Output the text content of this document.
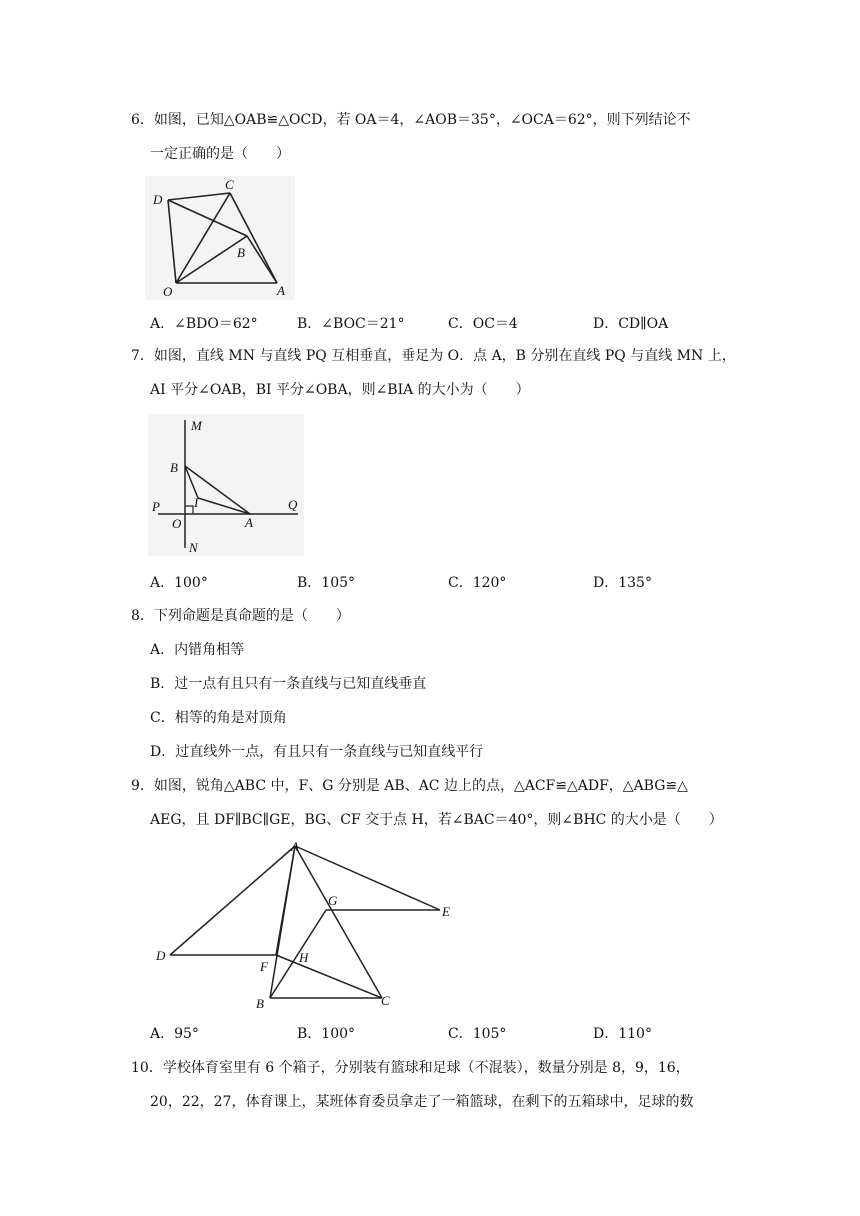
6．如图，已知△OAB≌△OCD，若 OA＝4，∠AOB＝35°，∠OCA＝62°，则下列结论不
一定正确的是（　　）
D
C
B
O	A
A．∠BDO＝62°	B．∠BOC＝21°	C．OC＝4	D．CD∥OA
7．如图，直线 MN 与直线 PQ 互相垂直，垂足为 O．点 A，B 分别在直线 PQ 与直线 MN 上，
AI 平分∠OAB，BI 平分∠OBA，则∠BIA 的大小为（　　）
M
B
P	I	Q
O	A
N
A．100°	B．105°	C．120°	D．135°
8．下列命题是真命题的是（　　）
A．内错角相等
B．过一点有且只有一条直线与已知直线垂直
C．相等的角是对顶角
D．过直线外一点，有且只有一条直线与已知直线平行
9．如图，锐角△ABC 中，F、G 分别是 AB、AC 边上的点，△ACF≌△ADF，△ABG≌△
AEG，且 DF∥BC∥GE，BG、CF 交于点 H，若∠BAC＝40°，则∠BHC 的大小是（　　）
A
G
E
D
F
H
B	C
A．95°	B．100°	C．105°	D．110°
10．学校体育室里有 6 个箱子，分别装有篮球和足球（不混装），数量分别是 8，9，16，
20，22，27，体育课上，某班体育委员拿走了一箱篮球，在剩下的五箱球中，足球的数
